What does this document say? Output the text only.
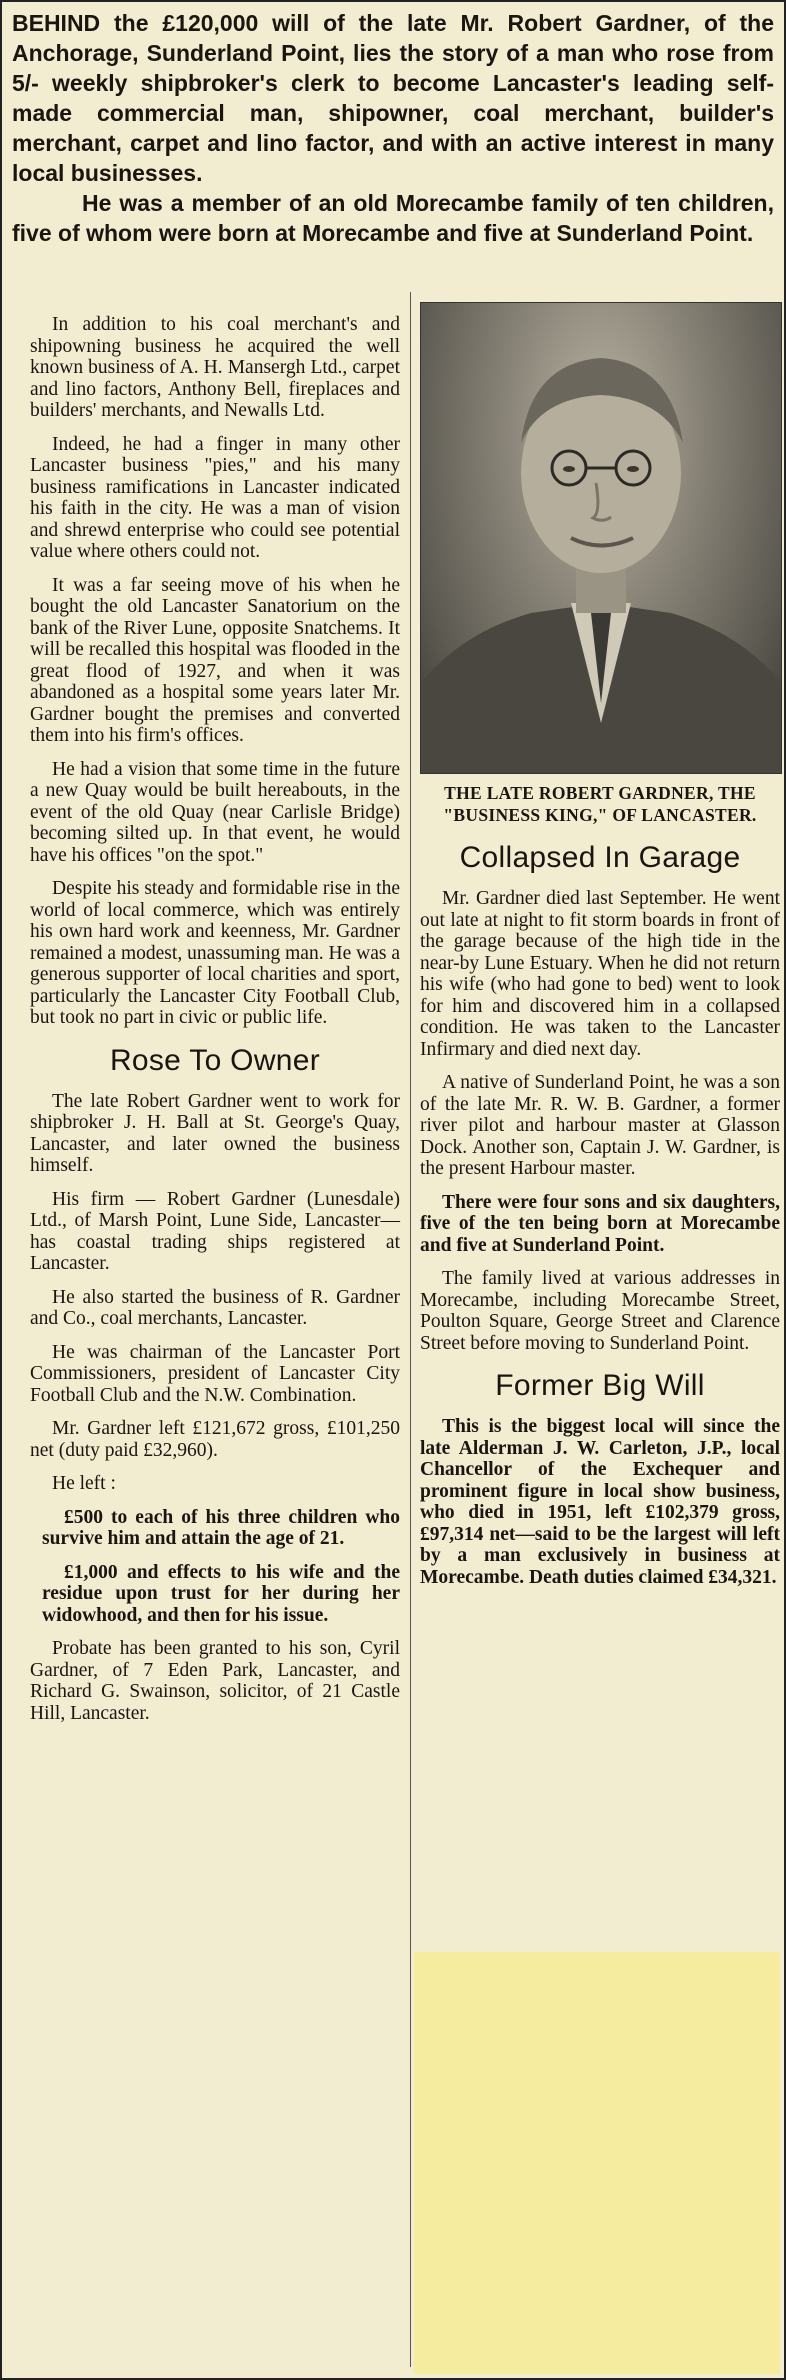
BEHIND the £120,000 will of the late Mr. Robert Gardner, of the Anchorage, Sunderland Point, lies the story of a man who rose from 5/- weekly shipbroker's clerk to become Lancaster's leading self-made commercial man, shipowner, coal merchant, builder's merchant, carpet and lino factor, and with an active interest in many local businesses.

He was a member of an old Morecambe family of ten children, five of whom were born at Morecambe and five at Sunderland Point.

In addition to his coal merchant's and shipowning business he acquired the well known business of A. H. Mansergh Ltd., carpet and lino factors, Anthony Bell, fireplaces and builders' merchants, and Newalls Ltd.

Indeed, he had a finger in many other Lancaster business "pies," and his many business ramifications in Lancaster indicated his faith in the city. He was a man of vision and shrewd enterprise who could see potential value where others could not.

It was a far seeing move of his when he bought the old Lancaster Sanatorium on the bank of the River Lune, opposite Snatchems. It will be recalled this hospital was flooded in the great flood of 1927, and when it was abandoned as a hospital some years later Mr. Gardner bought the premises and converted them into his firm's offices.

He had a vision that some time in the future a new Quay would be built hereabouts, in the event of the old Quay (near Carlisle Bridge) becoming silted up. In that event, he would have his offices "on the spot."

Despite his steady and formidable rise in the world of local commerce, which was entirely his own hard work and keenness, Mr. Gardner remained a modest, unassuming man. He was a generous supporter of local charities and sport, particularly the Lancaster City Football Club, but took no part in civic or public life.

Rose To Owner

The late Robert Gardner went to work for shipbroker J. H. Ball at St. George's Quay, Lancaster, and later owned the business himself.

His firm — Robert Gardner (Lunesdale) Ltd., of Marsh Point, Lune Side, Lancaster—has coastal trading ships registered at Lancaster.

He also started the business of R. Gardner and Co., coal merchants, Lancaster.

He was chairman of the Lancaster Port Commissioners, president of Lancaster City Football Club and the N.W. Combination.

Mr. Gardner left £121,672 gross, £101,250 net (duty paid £32,960).

He left :

£500 to each of his three children who survive him and attain the age of 21.

£1,000 and effects to his wife and the residue upon trust for her during her widowhood, and then for his issue.

Probate has been granted to his son, Cyril Gardner, of 7 Eden Park, Lancaster, and Richard G. Swainson, solicitor, of 21 Castle Hill, Lancaster.

THE LATE ROBERT GARDNER, THE "BUSINESS KING," OF LANCASTER.
Collapsed In Garage

Mr. Gardner died last September. He went out late at night to fit storm boards in front of the garage because of the high tide in the near-by Lune Estuary. When he did not return his wife (who had gone to bed) went to look for him and discovered him in a collapsed condition. He was taken to the Lancaster Infirmary and died next day.

A native of Sunderland Point, he was a son of the late Mr. R. W. B. Gardner, a former river pilot and harbour master at Glasson Dock. Another son, Captain J. W. Gardner, is the present Harbour master.

There were four sons and six daughters, five of the ten being born at Morecambe and five at Sunderland Point.

The family lived at various addresses in Morecambe, including Morecambe Street, Poulton Square, George Street and Clarence Street before moving to Sunderland Point.

Former Big Will

This is the biggest local will since the late Alderman J. W. Carleton, J.P., local Chancellor of the Exchequer and prominent figure in local show business, who died in 1951, left £102,379 gross, £97,314 net—said to be the largest will left by a man exclusively in business at Morecambe. Death duties claimed £34,321.
